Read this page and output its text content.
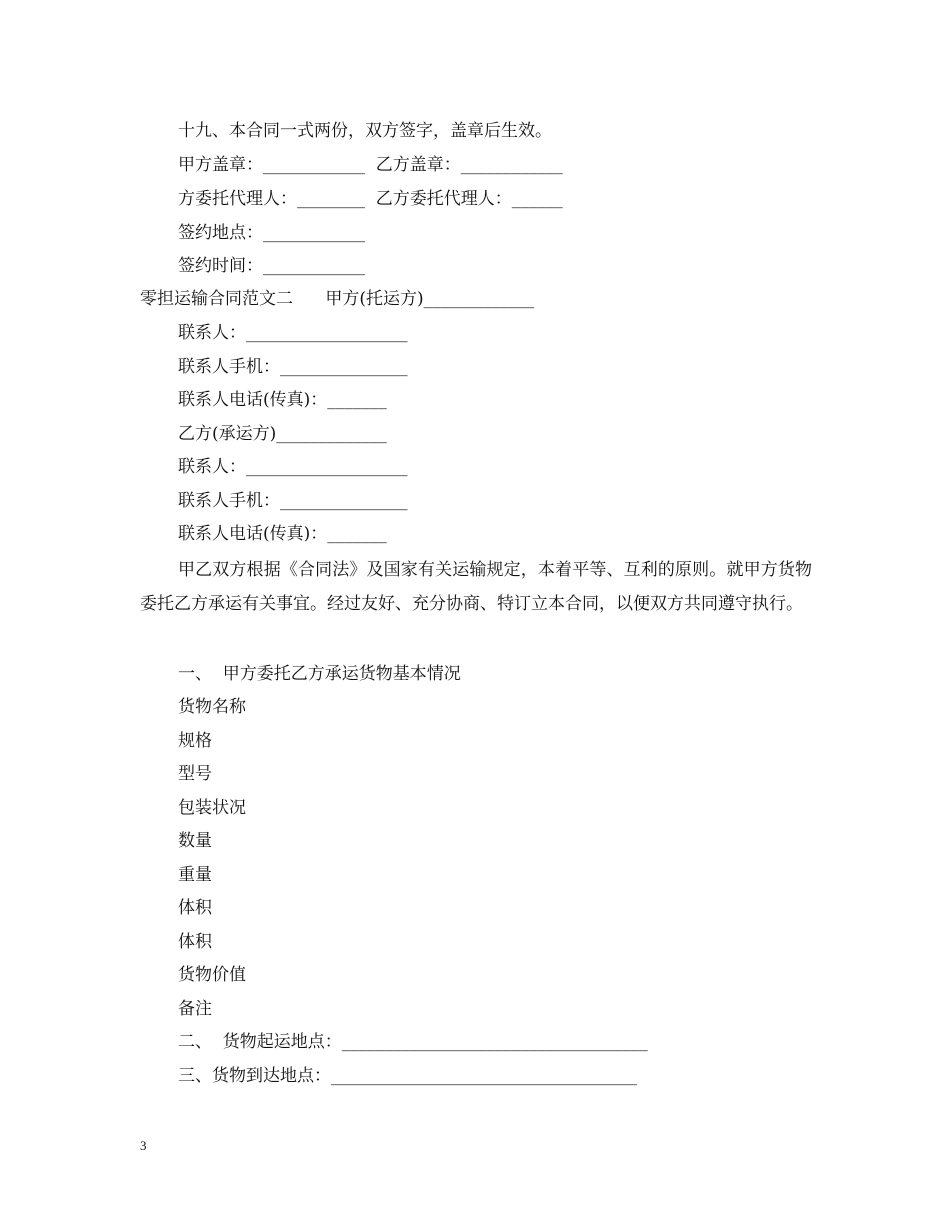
十九、本合同一式两份，双方签字，盖章后生效。
甲方盖章：____________  乙方盖章：____________
方委托代理人：________  乙方委托代理人：______
签约地点：____________
签约时间：____________
零担运输合同范文二      甲方(托运方)_____________
联系人：___________________
联系人手机：_______________
联系人电话(传真)：_______
乙方(承运方)_____________
联系人：___________________
联系人手机：_______________
联系人电话(传真)：_______
甲乙双方根据《合同法》及国家有关运输规定，本着平等、互利的原则。就甲方货物委托乙方承运有关事宜。经过友好、充分协商、特订立本合同，以便双方共同遵守执行。
一、  甲方委托乙方承运货物基本情况
货物名称
规格
型号
包装状况
数量
重量
体积
体积
货物价值
备注
二、  货物起运地点：____________________________________
三、货物到达地点：____________________________________
3
